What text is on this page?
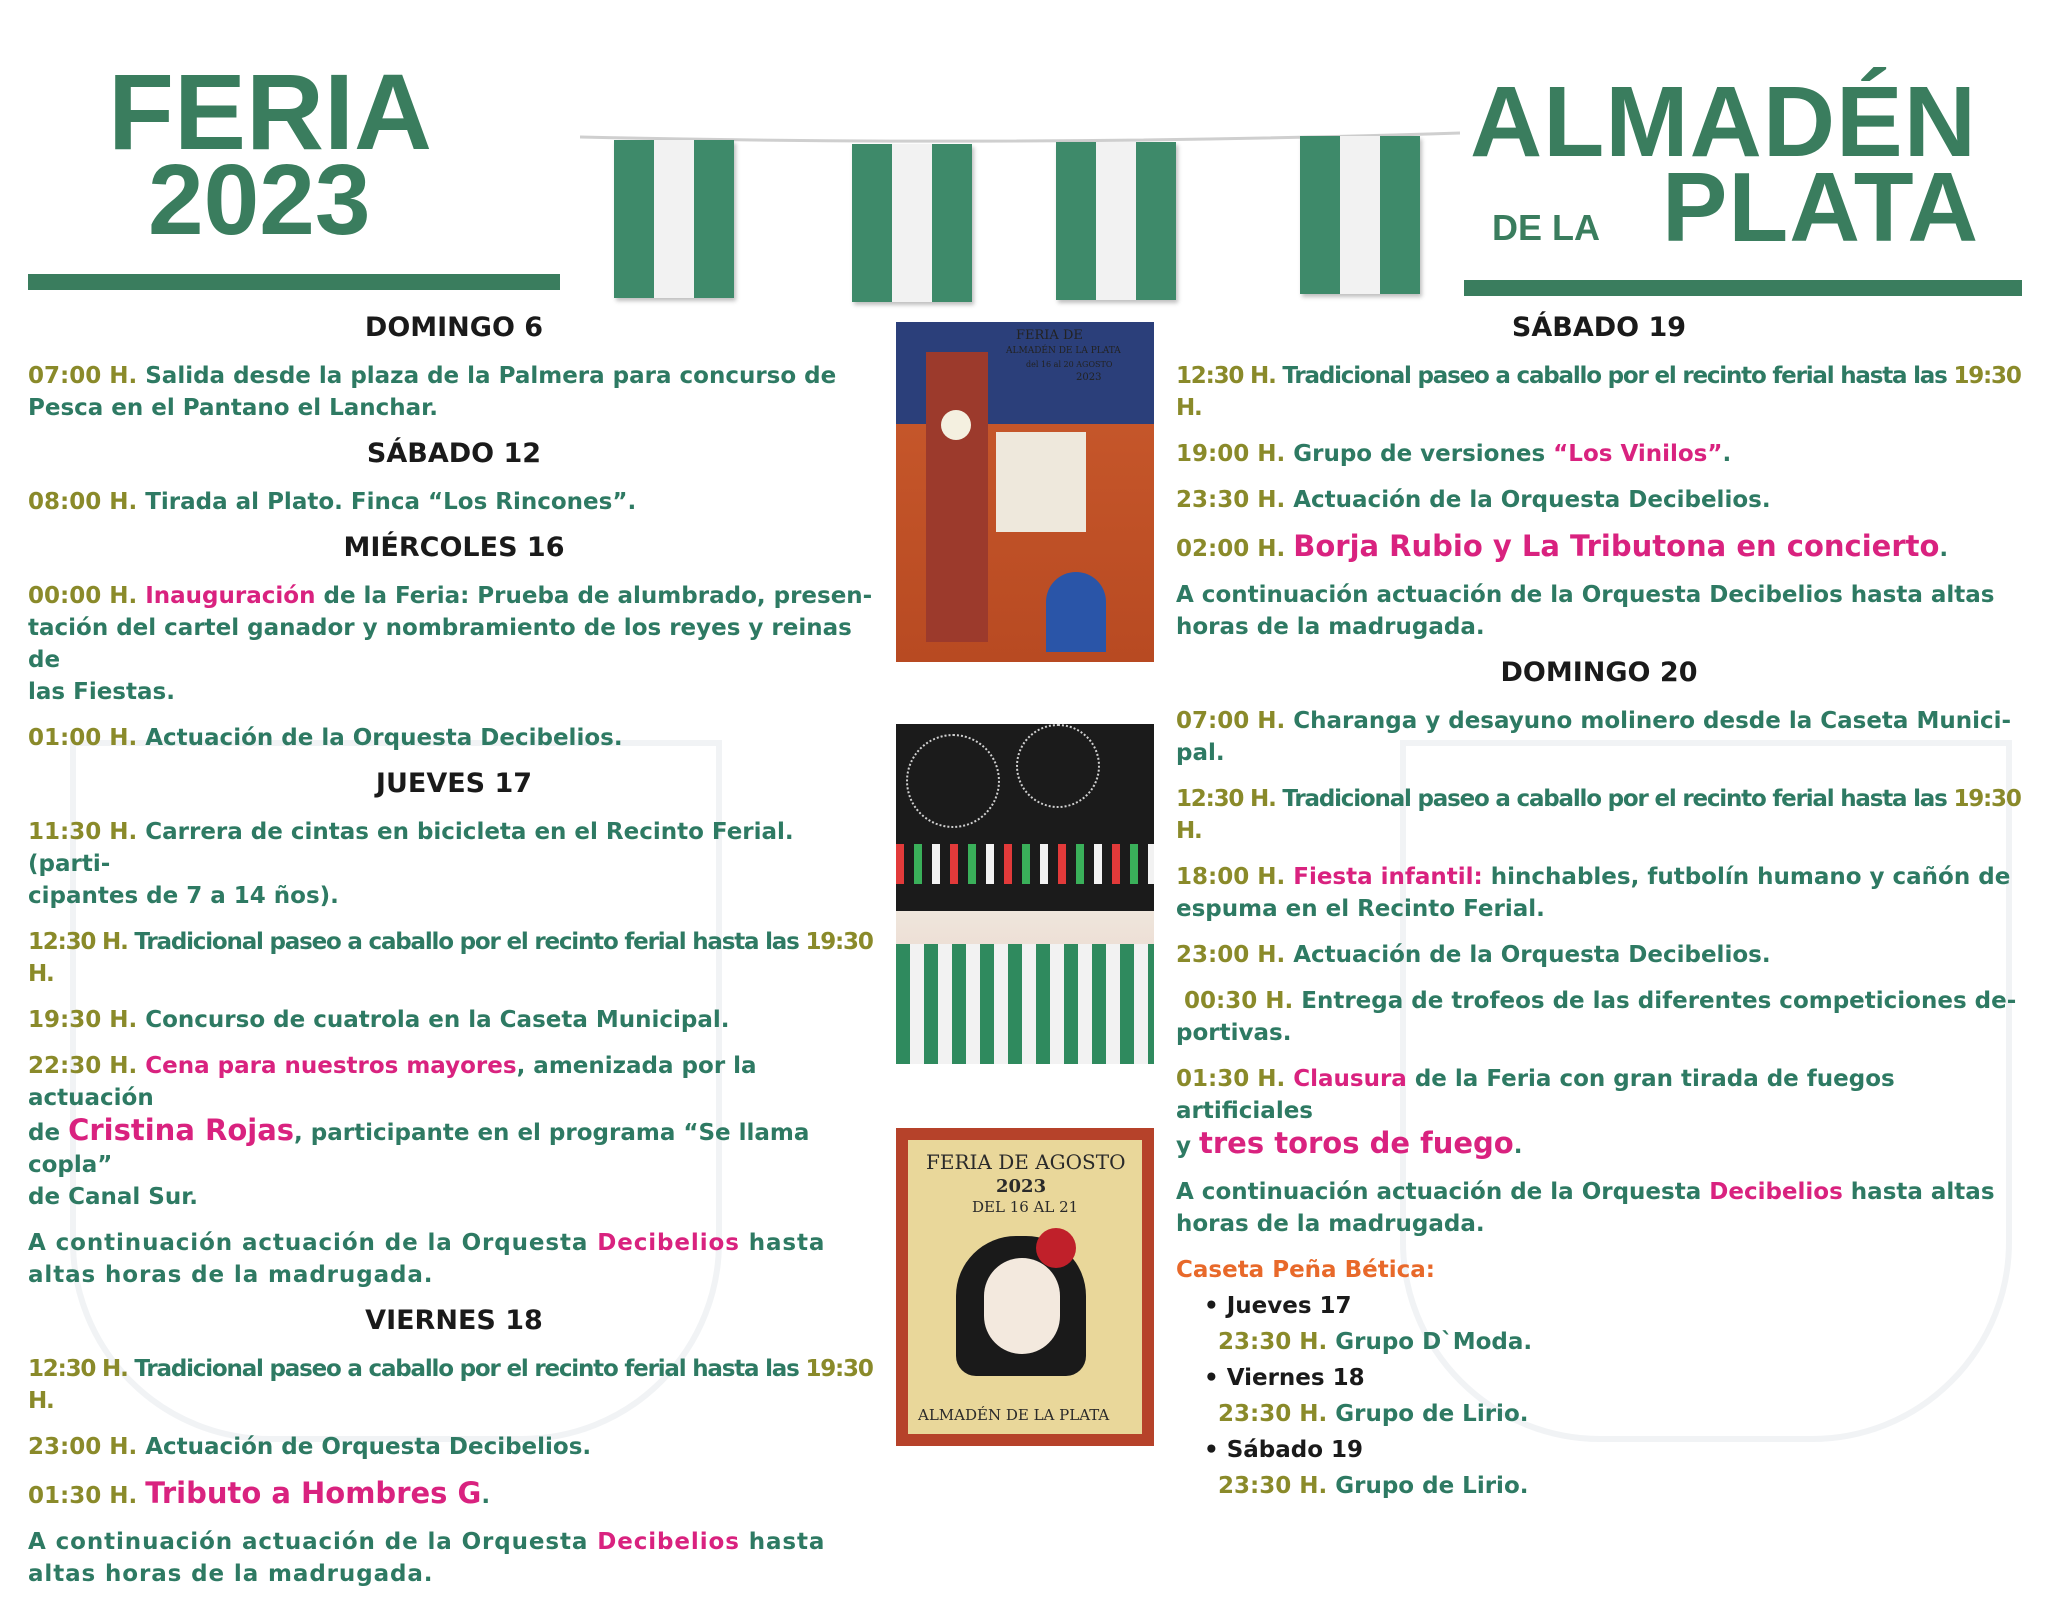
FERIA
2023
ALMADÉN
DE LA PLATA
FERIA DE
ALMADÉN DE LA PLATA
del 16 al 20 AGOSTO
2023
FERIA DE AGOSTO
2023
DEL 16 AL 21
ALMADÉN DE LA PLATA
DOMINGO 6
07:00 H. Salida desde la plaza de la Palmera para concurso de
Pesca en el Pantano el Lanchar.
SÁBADO 12
08:00 H. Tirada al Plato. Finca “Los Rincones”.
MIÉRCOLES 16
00:00 H. Inauguración de la Feria: Prueba de alumbrado, presen-
tación del cartel ganador y nombramiento de los reyes y reinas de
las Fiestas.
01:00 H. Actuación de la Orquesta Decibelios.
JUEVES 17
11:30 H. Carrera de cintas en bicicleta en el Recinto Ferial. (parti-
cipantes de 7 a 14 ños).
12:30 H. Tradicional paseo a caballo por el recinto ferial hasta las 19:30 H.
19:30 H. Concurso de cuatrola en la Caseta Municipal.
22:30 H. Cena para nuestros mayores, amenizada por la actuación
de Cristina Rojas, participante en el programa “Se llama copla”
de Canal Sur.
A continuación actuación de la Orquesta Decibelios hasta
altas horas de la madrugada.
VIERNES 18
12:30 H. Tradicional paseo a caballo por el recinto ferial hasta las 19:30 H.
23:00 H. Actuación de Orquesta Decibelios.
01:30 H. Tributo a Hombres G.
A continuación actuación de la Orquesta Decibelios hasta
altas horas de la madrugada.
SÁBADO 19
12:30 H. Tradicional paseo a caballo por el recinto ferial hasta las 19:30 H.
19:00 H. Grupo de versiones “Los Vinilos”.
23:30 H. Actuación de la Orquesta Decibelios.
02:00 H. Borja Rubio y La Tributona en concierto.
A continuación actuación de la Orquesta Decibelios hasta altas
horas de la madrugada.
DOMINGO 20
07:00 H. Charanga y desayuno molinero desde la Caseta Munici-
pal.
12:30 H. Tradicional paseo a caballo por el recinto ferial hasta las 19:30 H.
18:00 H. Fiesta infantil: hinchables, futbolín humano y cañón de
espuma en el Recinto Ferial.
23:00 H. Actuación de la Orquesta Decibelios.
00:30 H. Entrega de trofeos de las diferentes competiciones de-
portivas.
01:30 H. Clausura de la Feria con gran tirada de fuegos artificiales
y tres toros de fuego.
A continuación actuación de la Orquesta Decibelios hasta altas
horas de la madrugada.
Caseta Peña Bética:
• Jueves 17
23:30 H. Grupo D`Moda.
• Viernes 18
23:30 H. Grupo de Lirio.
• Sábado 19
23:30 H. Grupo de Lirio.
